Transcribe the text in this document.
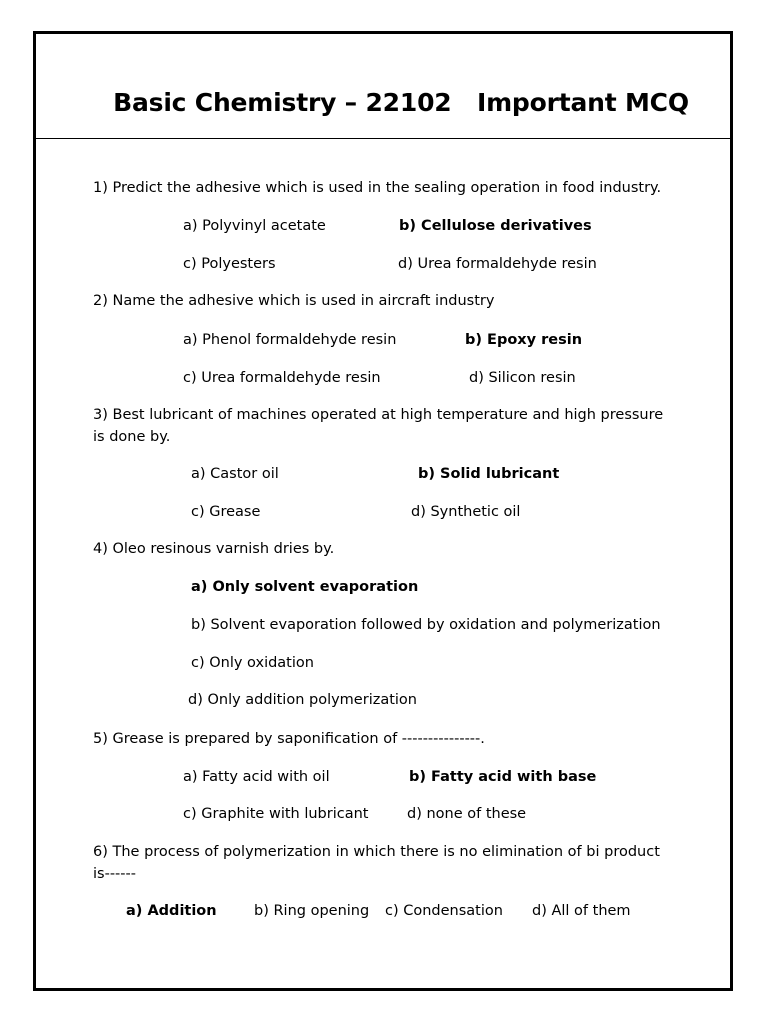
Basic Chemistry – 22102   Important MCQ
1) Predict the adhesive which is used in the sealing operation in food industry.
a) Polyvinyl acetate	b) Cellulose derivatives
c) Polyesters	d) Urea formaldehyde resin
2) Name the adhesive which is used in aircraft industry
a) Phenol formaldehyde resin	b) Epoxy resin
c) Urea formaldehyde resin	d) Silicon resin
3) Best lubricant of machines operated at high temperature and high pressure is done by.
a) Castor oil	b) Solid lubricant
c) Grease	d) Synthetic oil
4) Oleo resinous varnish dries by.
a) Only solvent evaporation
b) Solvent evaporation followed by oxidation and polymerization
c) Only oxidation
d) Only addition polymerization
5) Grease is prepared by saponification of ---------------.
a) Fatty acid with oil	b) Fatty acid with base
c) Graphite with lubricant	d) none of these
6) The process of polymerization in which there is no elimination of bi product is------
a) Addition	b) Ring opening c) Condensation d) All of them
